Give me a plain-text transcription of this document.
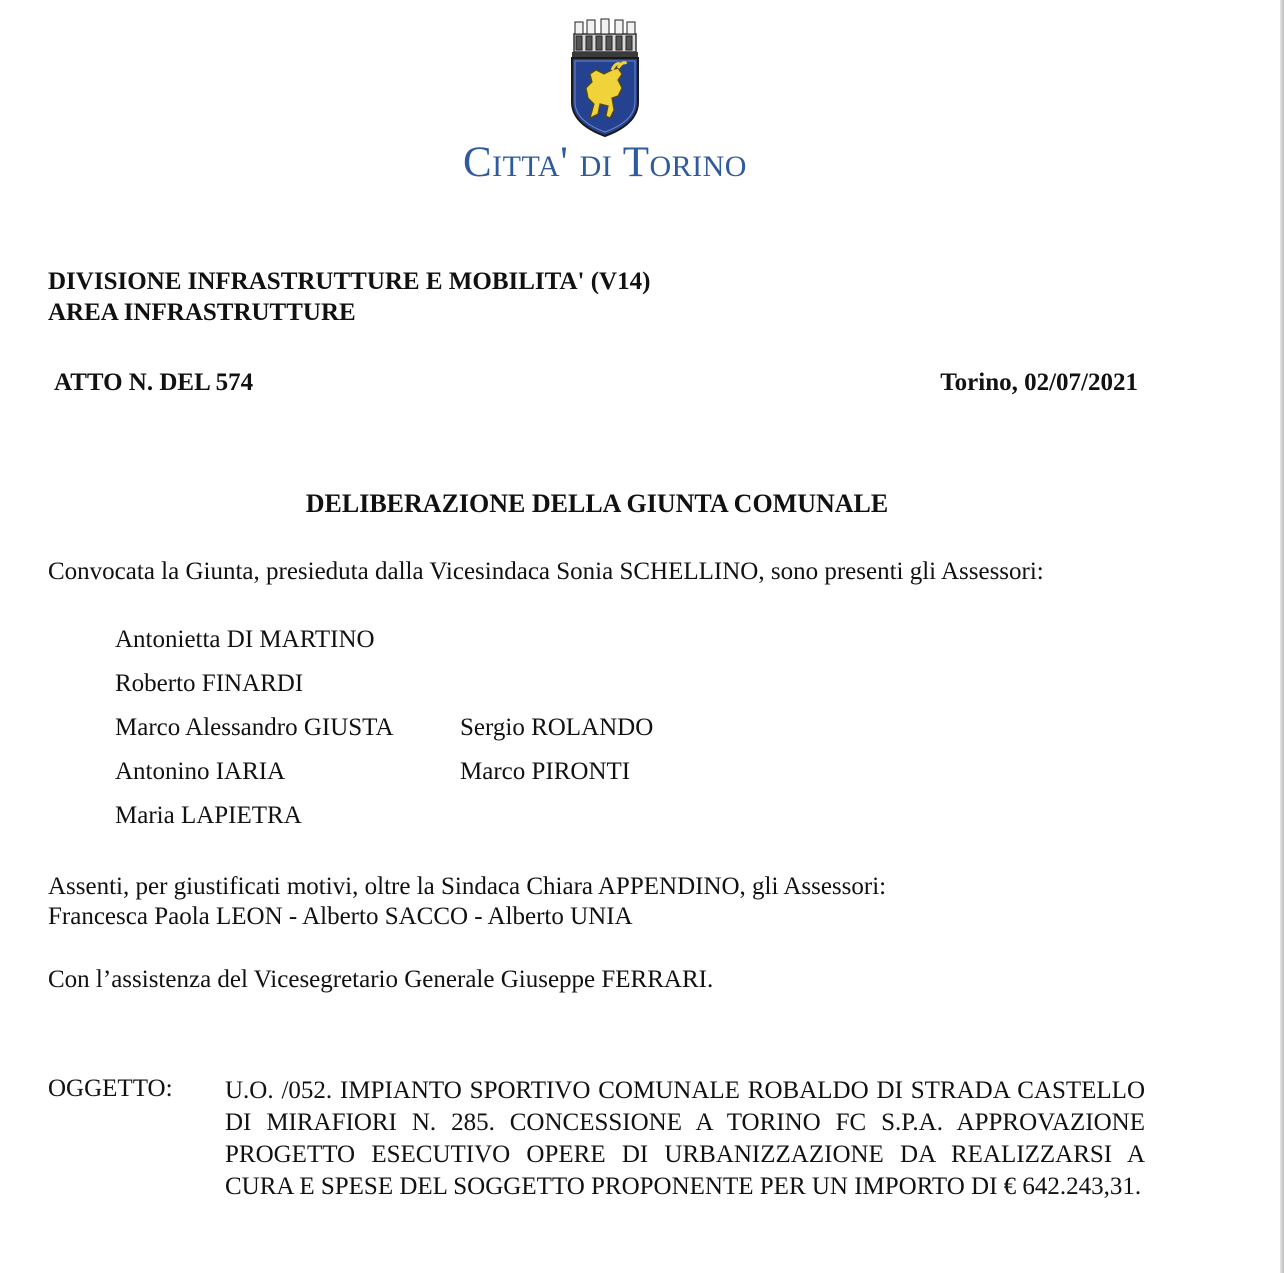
Citta' di Torino
DIVISIONE INFRASTRUTTURE E MOBILITA' (V14)
AREA INFRASTRUTTURE
ATTO N. DEL 574	Torino, 02/07/2021
DELIBERAZIONE DELLA GIUNTA COMUNALE
Convocata la Giunta, presieduta dalla Vicesindaca Sonia SCHELLINO, sono presenti gli Assessori:
Antonietta DI MARTINO	
Roberto FINARDI	
Marco Alessandro GIUSTA	Sergio ROLANDO
Antonino IARIA	Marco PIRONTI
Maria LAPIETRA	
Assenti, per giustificati motivi, oltre la Sindaca Chiara APPENDINO, gli Assessori:
Francesca Paola LEON - Alberto SACCO - Alberto UNIA
Con l’assistenza del Vicesegretario Generale Giuseppe FERRARI.
OGGETTO: U.O. /052. IMPIANTO SPORTIVO COMUNALE ROBALDO DI STRADA CASTELLO DI MIRAFIORI N. 285. CONCESSIONE A TORINO FC S.P.A. APPROVAZIONE PROGETTO ESECUTIVO OPERE DI URBANIZZAZIONE DA REALIZZARSI A CURA E SPESE DEL SOGGETTO PROPONENTE PER UN IMPORTO DI € 642.243,31.
